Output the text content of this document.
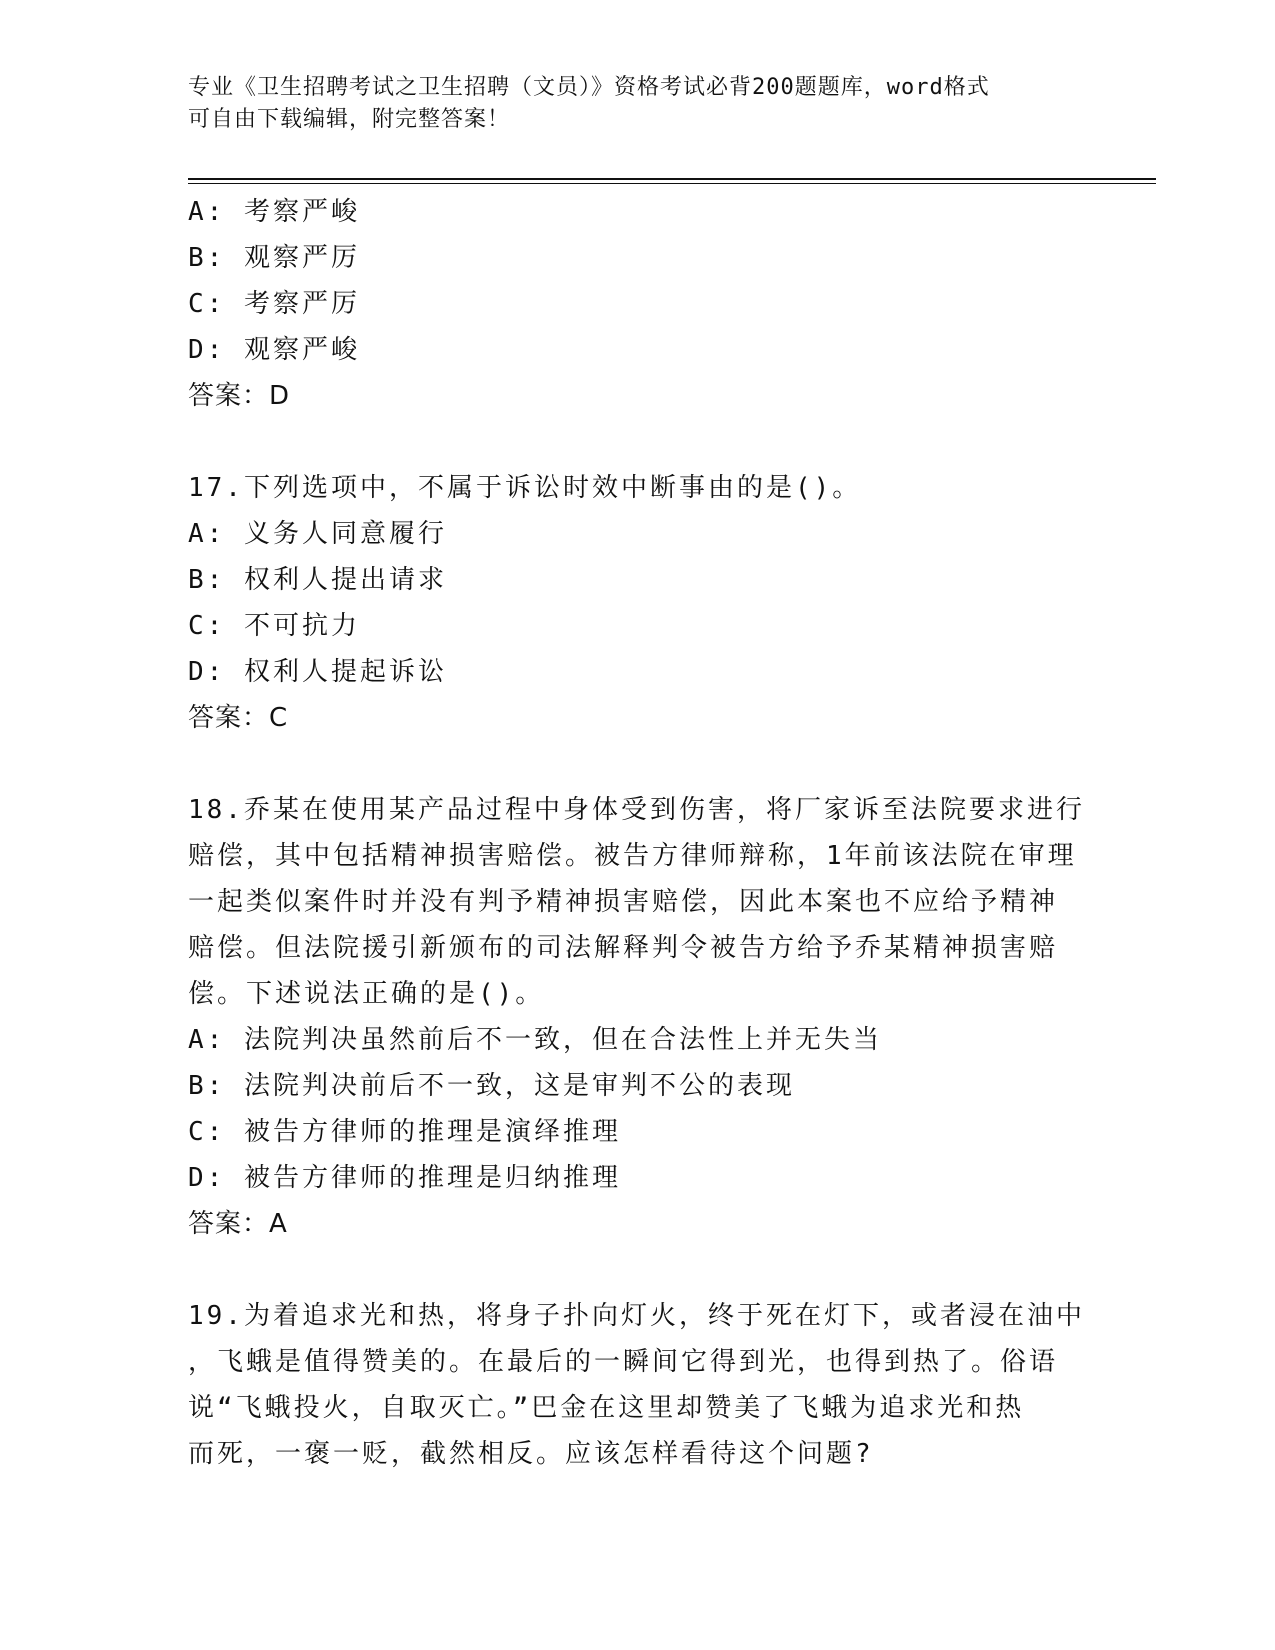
专业《卫生招聘考试之卫生招聘（文员）》资格考试必背200题题库，word格式
可自由下载编辑，附完整答案！
A: 考察严峻
B: 观察严厉
C: 考察严厉
D: 观察严峻
答案：D
17.下列选项中，不属于诉讼时效中断事由的是()。
A: 义务人同意履行
B: 权利人提出请求
C: 不可抗力
D: 权利人提起诉讼
答案：C
18.乔某在使用某产品过程中身体受到伤害，将厂家诉至法院要求进行
赔偿，其中包括精神损害赔偿。被告方律师辩称，1年前该法院在审理
一起类似案件时并没有判予精神损害赔偿，因此本案也不应给予精神
赔偿。但法院援引新颁布的司法解释判令被告方给予乔某精神损害赔
偿。下述说法正确的是()。
A: 法院判决虽然前后不一致，但在合法性上并无失当
B: 法院判决前后不一致，这是审判不公的表现
C: 被告方律师的推理是演绎推理
D: 被告方律师的推理是归纳推理
答案：A
19.为着追求光和热，将身子扑向灯火，终于死在灯下，或者浸在油中
，飞蛾是值得赞美的。在最后的一瞬间它得到光，也得到热了。俗语
说“飞蛾投火，自取灭亡。”巴金在这里却赞美了飞蛾为追求光和热
而死，一褒一贬，截然相反。应该怎样看待这个问题?
